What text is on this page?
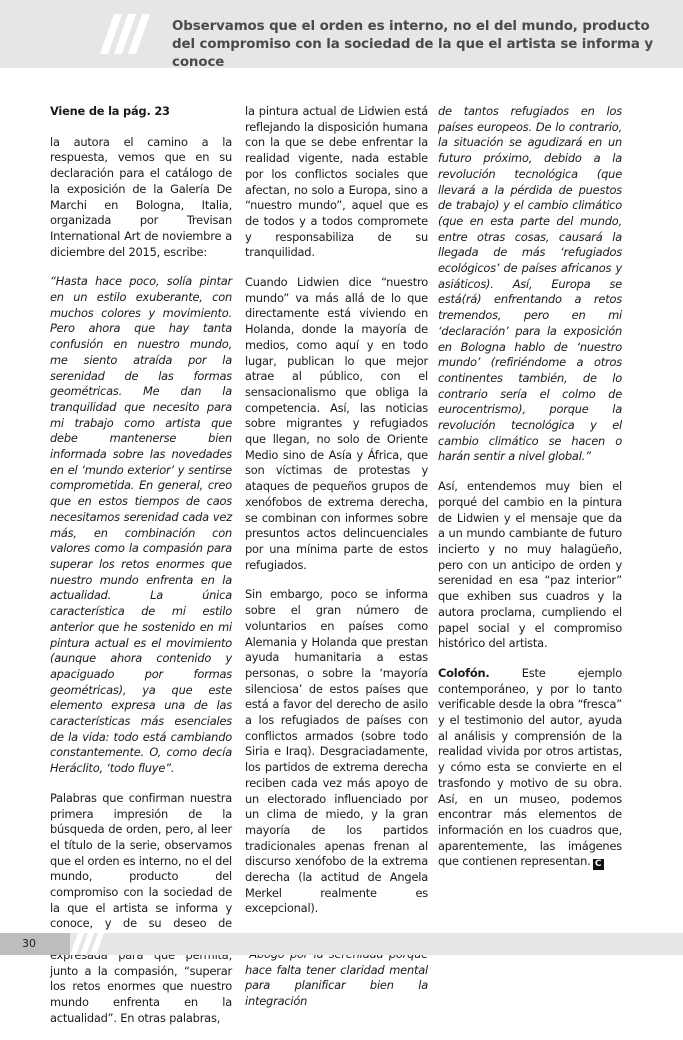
Observamos que el orden es interno, no el del mundo, producto del compromiso con la sociedad de la que el artista se informa y conoce

Viene de la pág. 23

la autora el camino a la respuesta, vemos que en su declaración para el catálogo de la exposición de la Galería De Marchi en Bologna, Italia, organizada por Trevisan International Art de noviembre a diciembre del 2015, escribe:

“Hasta hace poco, solía pintar en un estilo exuberante, con muchos colores y movimiento. Pero ahora que hay tanta confusión en nuestro mundo, me siento atraída por la serenidad de las formas geométricas. Me dan la tranquilidad que necesito para mi trabajo como artista que debe mantenerse bien informada sobre las novedades en el ‘mundo exterior’ y sentirse comprometida. En general, creo que en estos tiempos de caos necesitamos serenidad cada vez más, en combinación con valores como la compasión para superar los retos enormes que nuestro mundo enfrenta en la actualidad. La única característica de mi estilo anterior que he sostenido en mi pintura actual es el movimiento (aunque ahora contenido y apaciguado por formas geométricas), ya que este elemento expresa una de las características más esenciales de la vida: todo está cambiando constantemente. O, como decía Heráclito, ‘todo fluye”.

Palabras que confirman nuestra primera impresión de la búsqueda de orden, pero, al leer el título de la serie, observamos que el orden es interno, no el del mundo, producto del compromiso con la sociedad de la que el artista se informa y conoce, y de su deseo de junto a la compasión, “superar los retos enormes que nuestro mundo enfrenta en la actualidad”. En otras palabras,

la pintura actual de Lidwien está reflejando la disposición humana con la que se debe enfrentar la realidad vigente, nada estable por los conflictos sociales que afectan, no solo a Europa, sino a “nuestro mundo”, aquel que es de todos y a todos compromete y responsabiliza de su tranquilidad.

Cuando Lidwien dice “nuestro mundo” va más allá de lo que directamente está viviendo en Holanda, donde la mayoría de medios, como aquí y en todo lugar, publican lo que mejor atrae al público, con el sensacionalismo que obliga la competencia. Así, las noticias sobre migrantes y refugiados que llegan, no solo de Oriente Medio sino de Asía y África, que son víctimas de protestas y ataques de pequeños grupos de xenófobos de extrema derecha, se combinan con informes sobre presuntos actos delincuenciales por una mínima parte de estos refugiados.

Sin embargo, poco se informa sobre el gran número de voluntarios en países como Alemania y Holanda que prestan ayuda humanitaria a estas personas, o sobre la ‘mayoría silenciosa’ de estos países que está a favor del derecho de asilo a los refugiados de países con conflictos armados (sobre todo Siria e Iraq). Desgraciadamente, los partidos de extrema derecha reciben cada vez más apoyo de un electorado influenciado por un clima de miedo, y la gran mayoría de los partidos tradicionales apenas frenan al discurso xenófobo de la extrema derecha (la actitud de Angela Merkel realmente es excepcional).

hace falta tener claridad mental para planificar bien la integración

de tantos refugiados en los países europeos. De lo contrario, la situación se agudizará en un futuro próximo, debido a la revolución tecnológica (que llevará a la pérdida de puestos de trabajo) y el cambio climático (que en esta parte del mundo, entre otras cosas, causará la llegada de más ‘refugiados ecológicos’ de países africanos y asiáticos). Así, Europa se está(rá) enfrentando a retos tremendos, pero en mi ‘declaración’ para la exposición en Bologna hablo de ‘nuestro mundo’ (refiriéndome a otros continentes también, de lo contrario sería el colmo de eurocentrismo), porque la revolución tecnológica y el cambio climático se hacen o harán sentir a nivel global.”

Así, entendemos muy bien el porqué del cambio en la pintura de Lidwien y el mensaje que da a un mundo cambiante de futuro incierto y no muy halagüeño, pero con un anticipo de orden y serenidad en esa “paz interior” que exhiben sus cuadros y la autora proclama, cumpliendo el papel social y el compromiso histórico del artista.

Colofón.	Este ejemplo contemporáneo, y por lo tanto verificable desde la obra “fresca” y el testimonio del autor, ayuda al análisis y comprensión de la realidad vivida por otros artistas, y cómo esta se convierte en el trasfondo y motivo de su obra. Así, en un museo, podemos encontrar más elementos de información en los cuadros que, aparentemente, las imágenes que contienen representan. C

30
